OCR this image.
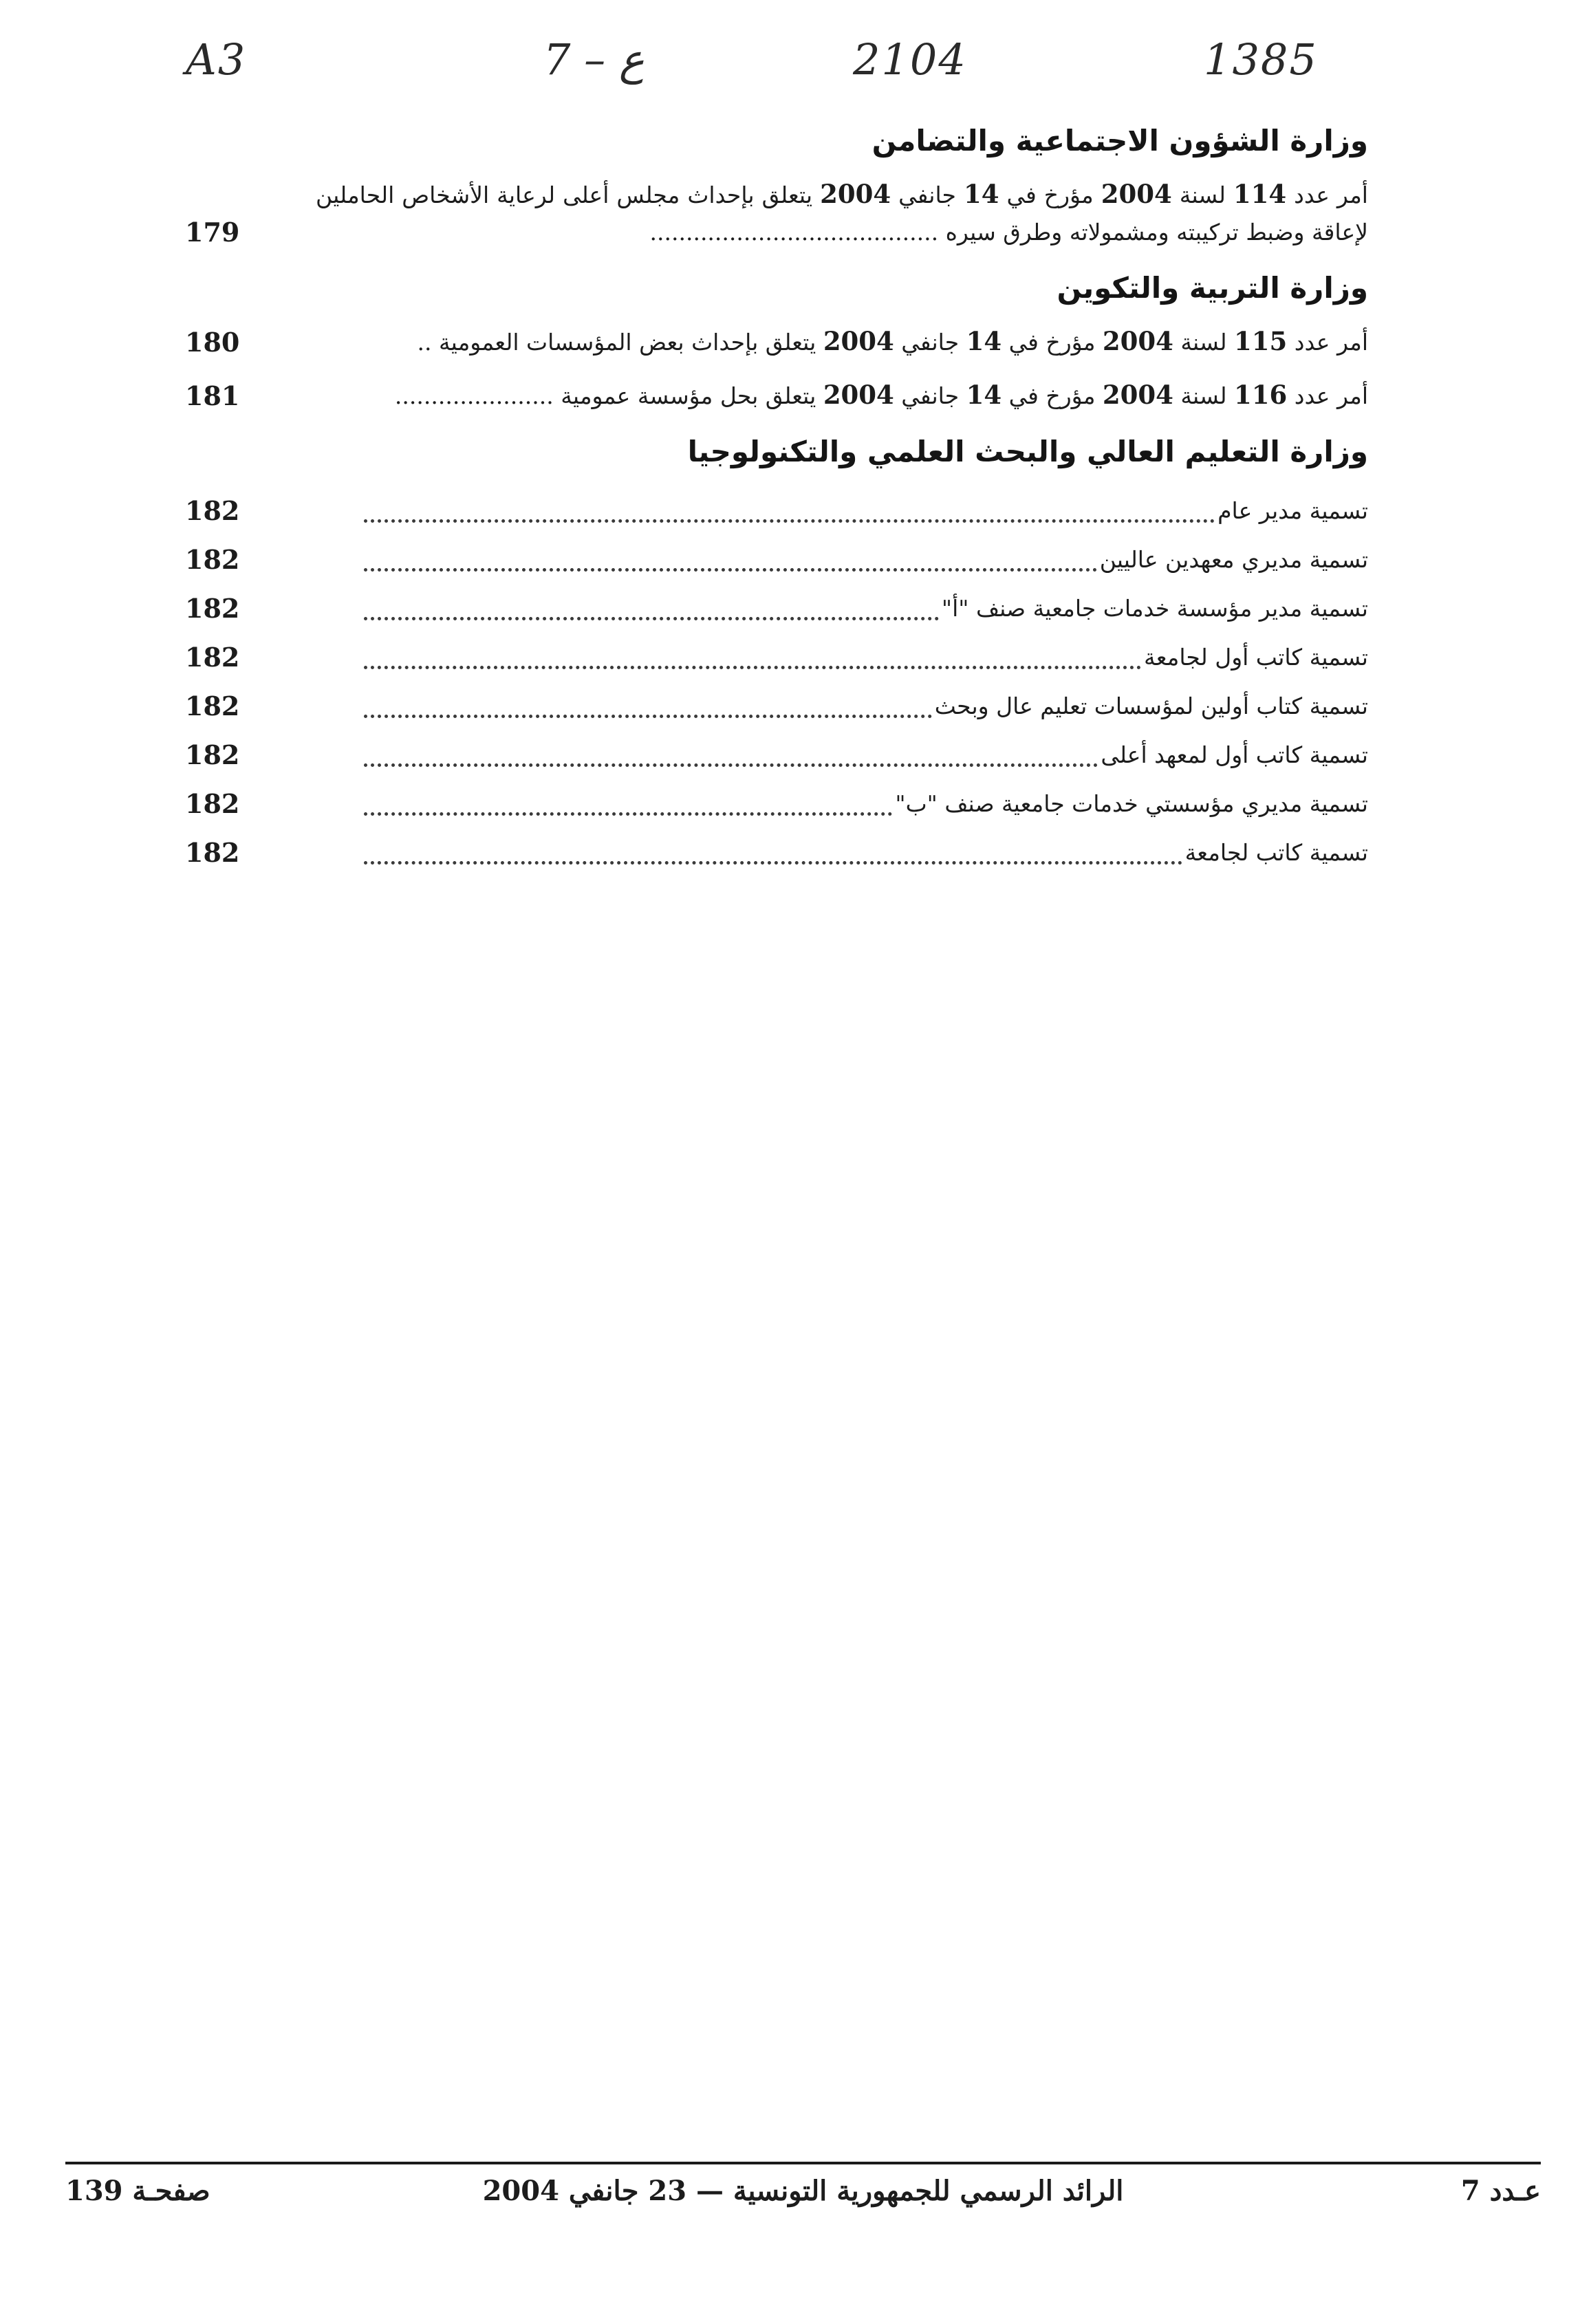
A3	7 – ع	2104	1385
وزارة الشؤون الاجتماعية والتضامن
أمر عدد 114 لسنة 2004 مؤرخ في 14 جانفي 2004 يتعلق بإحداث مجلس أعلى لرعاية الأشخاص الحاملين لإعاقة وضبط تركيبته ومشمولاته وطرق سيره ........................................
179
وزارة التربية والتكوين
أمر عدد 115 لسنة 2004 مؤرخ في 14 جانفي 2004 يتعلق بإحداث بعض المؤسسات العمومية ..
180
أمر عدد 116 لسنة 2004 مؤرخ في 14 جانفي 2004 يتعلق بحل مؤسسة عمومية ......................
181
وزارة التعليم العالي والبحث العلمي والتكنولوجيا
تسمية مدير عام
182
تسمية مديري معهدين عاليين
182
تسمية مدير مؤسسة خدمات جامعية صنف "أ"
182
تسمية كاتب أول لجامعة
182
تسمية كتاب أولين لمؤسسات تعليم عال وبحث
182
تسمية كاتب أول لمعهد أعلى
182
تسمية مديري مؤسستي خدمات جامعية صنف "ب"
182
تسمية كاتب لجامعة
182
عـدد 7
الرائد الرسمي للجمهورية التونسية — 23 جانفي 2004
صفحـة 139
